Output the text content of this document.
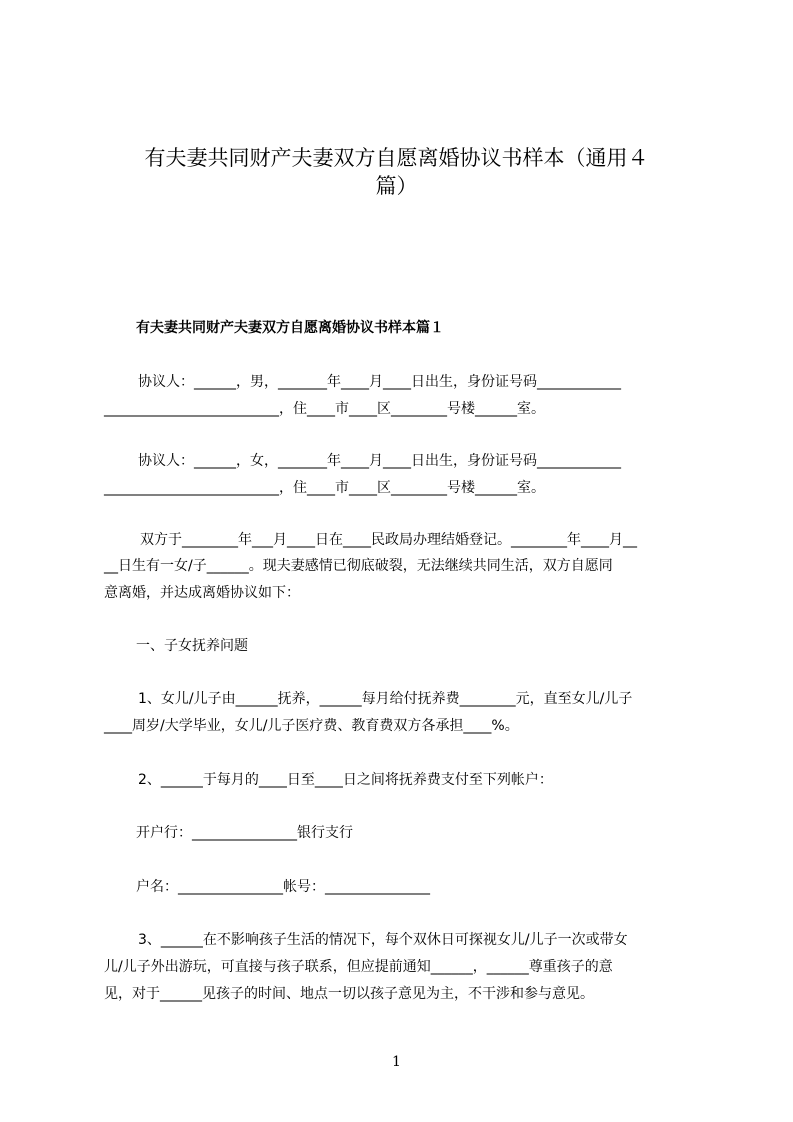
有夫妻共同财产夫妻双方自愿离婚协议书样本（通用４
篇）
有夫妻共同财产夫妻双方自愿离婚协议书样本篇１
协议人：______，男，_______年____月____日出生，身份证号码____________
_________________________，住____市____区________号楼______室。
协议人：______，女，_______年____月____日出生，身份证号码____________
_________________________，住____市____区________号楼______室。
双方于________年___月____日在____民政局办理结婚登记。________年____月__
__日生有一女/子______。现夫妻感情已彻底破裂，无法继续共同生活，双方自愿同
意离婚，并达成离婚协议如下：
一、子女抚养问题
1、女儿/儿子由______抚养，______每月给付抚养费________元，直至女儿/儿子
____周岁/大学毕业，女儿/儿子医疗费、教育费双方各承担____%。
2、______于每月的____日至____日之间将抚养费支付至下列帐户：
开户行：_______________银行支行
户名：_______________帐号：_______________
3、______在不影响孩子生活的情况下，每个双休日可探视女儿/儿子一次或带女
儿/儿子外出游玩，可直接与孩子联系，但应提前通知______，______尊重孩子的意
见，对于______见孩子的时间、地点一切以孩子意见为主，不干涉和参与意见。
1
